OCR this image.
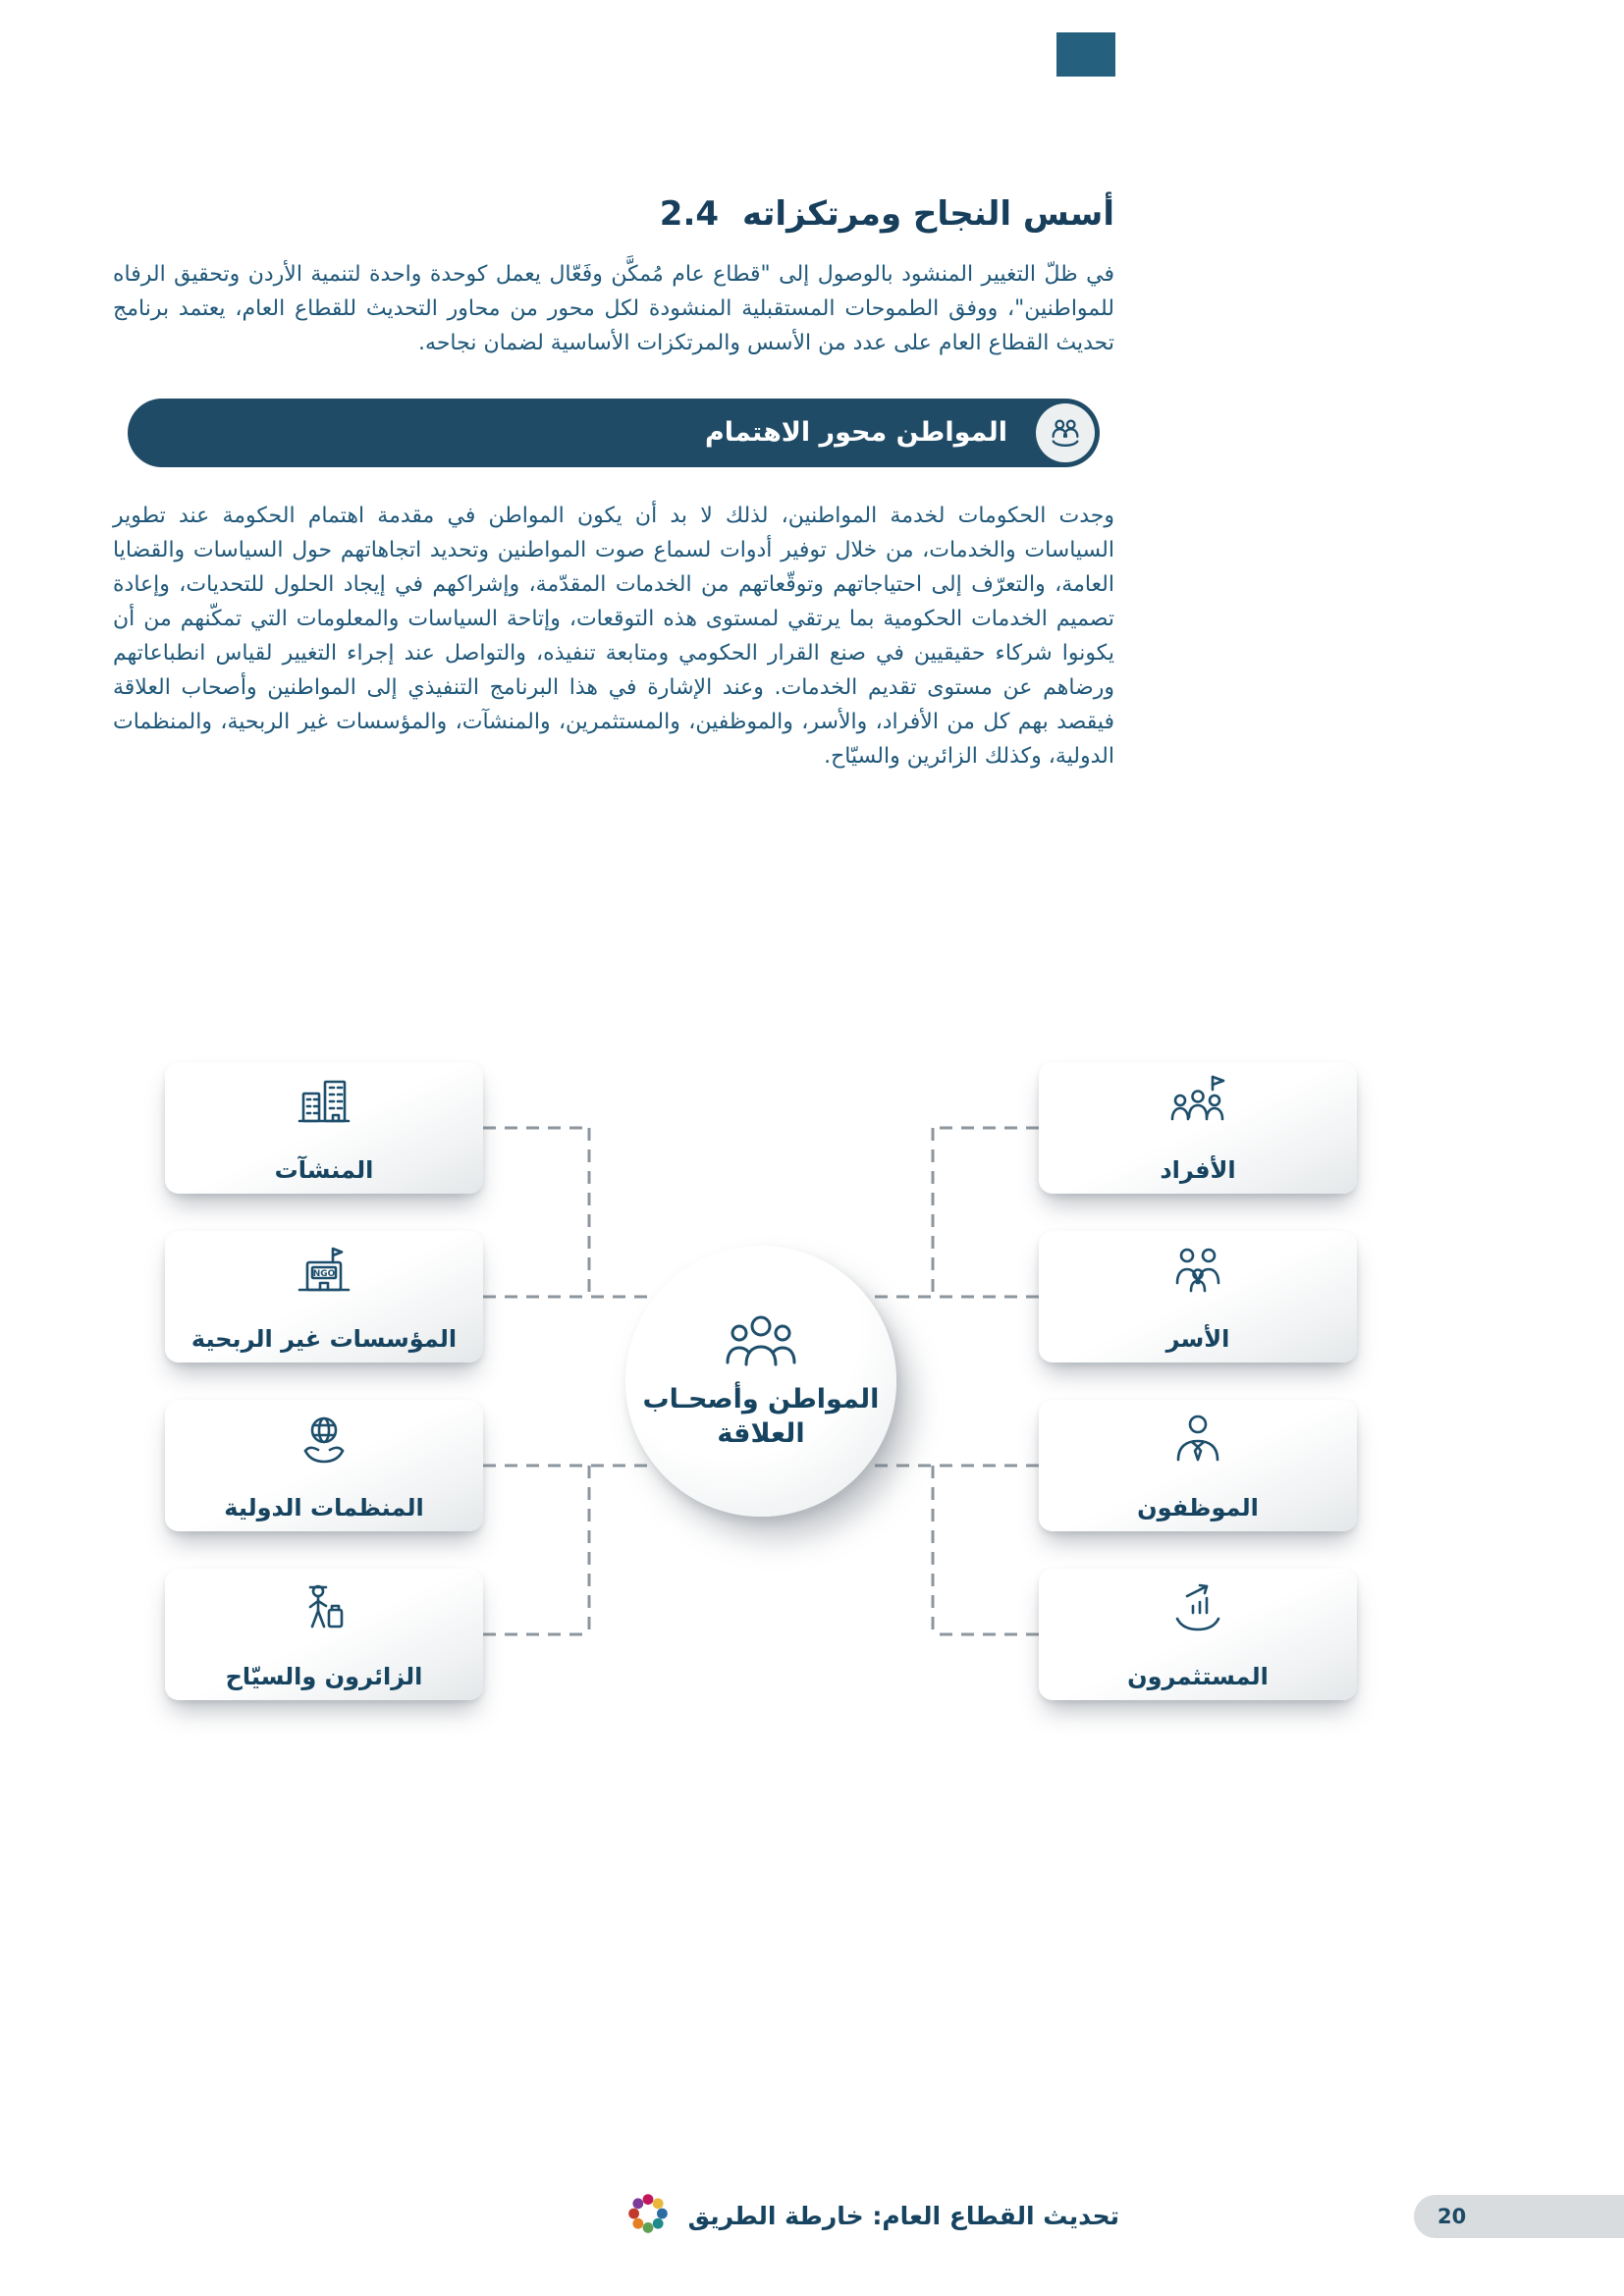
أسس النجاح ومرتكزاته
2.4

في ظلّ التغيير المنشود بالوصول إلى "قطاع عام مُمكَّن وفَعّال يعمل كوحدة واحدة لتنمية الأردن وتحقيق الرفاه للمواطنين"، ووفق الطموحات المستقبلية المنشودة لكل محور من محاور التحديث للقطاع العام، يعتمد برنامج تحديث القطاع العام على عدد من الأسس والمرتكزات الأساسية لضمان نجاحه.

المواطن محور الاهتمام

وجدت الحكومات لخدمة المواطنين، لذلك لا بد أن يكون المواطن في مقدمة اهتمام الحكومة عند تطوير السياسات والخدمات، من خلال توفير أدوات لسماع صوت المواطنين وتحديد اتجاهاتهم حول السياسات والقضايا العامة، والتعرّف إلى احتياجاتهم وتوقّعاتهم من الخدمات المقدّمة، وإشراكهم في إيجاد الحلول للتحديات، وإعادة تصميم الخدمات الحكومية بما يرتقي لمستوى هذه التوقعات، وإتاحة السياسات والمعلومات التي تمكّنهم من أن يكونوا شركاء حقيقيين في صنع القرار الحكومي ومتابعة تنفيذه، والتواصل عند إجراء التغيير لقياس انطباعاتهم ورضاهم عن مستوى تقديم الخدمات. وعند الإشارة في هذا البرنامج التنفيذي إلى المواطنين وأصحاب العلاقة فيقصد بهم كل من الأفراد، والأسر، والموظفين، والمستثمرين، والمنشآت، والمؤسسات غير الربحية، والمنظمات الدولية، وكذلك الزائرين والسيّاح.

المنشآت
NGO
المؤسسات غير الربحية
المنظمات الدولية
الزائرون والسيّاح
الأفراد
الأسر
الموظفون
المستثمرون
المواطن وأصحـاب
العلاقة
تحديث القطاع العام: خارطة الطريق	20
